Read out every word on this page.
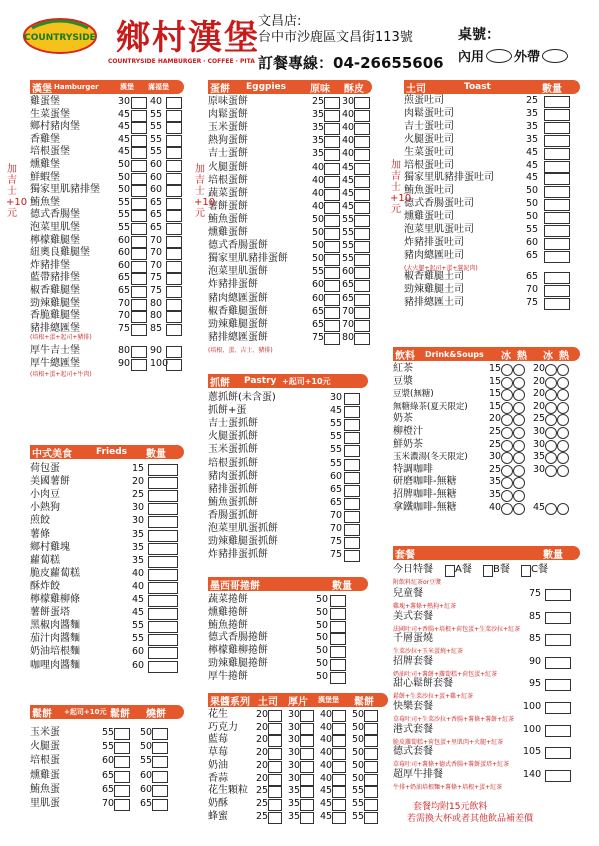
COUNTRYSIDE 鄉村漢堡
COUNTRYSIDE HAMBURGER · COFFEE · PITA
文昌店:
台中市沙鹿區文昌街113號
訂餐專線：04-26655606
桌號：
內用 外帶
漢堡 Hamburger	漢堡 滿福堡
雞蛋堡	30 40
生菜蛋堡	45 55
鄉村豬肉堡	45 55
香雞堡	45 55
培根蛋堡	45 55
燻雞堡	50 60
鮮蝦堡	50 60
獨家里肌豬排堡 50 60
鮪魚堡	55 65
德式香腸堡	55 65
泡菜里肌堡	55 65
檸檬雞腿堡	60 70
紐奧良雞腿堡	60 70
炸豬排堡	60 70
藍帶豬排堡	65 75
椒香雞腿堡	65 75
勁辣雞腿堡	70 80
香脆雞腿堡	70 80
豬排總匯堡	75 85
厚牛吉士堡	80 90
厚牛總匯堡	90 100
(培根+蛋+起司+豬排)
(培根+蛋+起司+牛肉)
加吉士+10元
蛋餅 Eggpies 原味 酥皮
原味蛋餅	25 30
肉鬆蛋餅	35 40
玉米蛋餅	35 40
熱狗蛋餅	35 40
吉士蛋餅	35 40
火腿蛋餅	40 45
培根蛋餅	40 45
蔬菜蛋餅	40 45
薯餅蛋餅	40 45
鮪魚蛋餅	50 55
燻雞蛋餅	50 55
德式香腸蛋餅	50 55
獨家里肌豬排蛋餅	50 55
泡菜里肌蛋餅	55 60
炸豬排蛋餅	60 65
豬肉總匯蛋餅	60 65
椒香雞腿蛋餅	65 70
勁辣雞腿蛋餅	65 70
豬排總匯蛋餅	75 80
(培根、蛋、吉士、豬排)
加吉士+10元
土司	Toast	數量
煎蛋吐司	25
肉鬆蛋吐司	35
吉士蛋吐司	35
火腿蛋吐司	35
生菜蛋吐司	45
培根蛋吐司	45
獨家里肌豬排蛋吐司	45
鮪魚蛋吐司	50
德式香腸蛋吐司	50
燻雞蛋吐司	50
泡菜里肌蛋吐司	55
炸豬排蛋吐司	60
豬肉總匯吐司	65
椒香雞腿土司	65
勁辣雞腿土司	70
豬排總匯土司	75
(大火腿+起司+蛋+薯泥肉)
加吉士+10元
飲料 Drink&Soups 冰 熱 冰 熱
紅茶	15	20
豆漿	15	20
豆漿(無糖)	15	20
無糖綠茶(夏天限定) 15	20
奶茶	20	25
柳橙汁	25	30
鮮奶茶	25	30
玉米濃湯(冬天限定) 30	35
特調咖啡	25	30
研磨咖啡-無糖	35
招牌咖啡-無糖	35
拿鐵咖啡-無糖	40	45
中式美食	Frieds 數量
荷包蛋	15
美國薯餅	20
小肉豆	25
小熱狗	30
煎餃	30
薯條	35
鄉村雞塊	35
蘿蔔糕	35
脆皮蘿蔔糕	40
酥炸餃	40
檸檬雞柳條	45
薯餅蛋塔	45
黑椒肉醬麵	55
茄汁肉醬麵	55
奶油培根麵	60
咖哩肉醬麵	60
抓餅 Pastry +起司+10元
蔥抓餅(未含蛋)	30
抓餅+蛋	45
吉士蛋抓餅	55
火腿蛋抓餅	55
玉米蛋抓餅	55
培根蛋抓餅	55
豬肉蛋抓餅	60
豬排蛋抓餅	65
鮪魚蛋抓餅	65
香腸蛋抓餅	70
泡菜里肌蛋抓餅	70
勁辣雞腿蛋抓餅	75
炸豬排蛋抓餅	75
墨西哥捲餅	數量
蔬菜捲餅	50
燻雞捲餅	50
鮪魚捲餅	50
德式香腸捲餅	50
檸檬雞柳捲餅	50
勁辣雞腿捲餅	50
厚牛捲餅	50
果醬系列 土司 厚片 漢堡堡 鬆餅
花生	20 30 40 50
巧克力 20 30 40 50
藍莓	20 30 40 50
草莓	20 30 40 50
奶油	20 30 40 50
香蒜	20 30 40 50
花生顆粒 25 35 45 55
奶酥	25 35 45 55
蜂蜜	25 35 45 55
鬆餅 +起司+10元 鬆餅 燒餅
玉米蛋	55	50
火腿蛋	55	50
培根蛋	60	55
燻雞蛋	65	60
鮪魚蛋	65	60
里肌蛋	70	65
套餐	數量
今日特餐 A餐 B餐 C餐
附飲料紅茶or豆漿
兒童餐	75
雞塊+薯條+熱狗+紅茶
美式套餐	85
法國吐司+香腸+培根+荷包蛋+生菜沙拉+紅茶
千層蛋燒	85
生菜沙拉+玉米蛋燒+紅茶
招牌套餐	90
奶油吐司+薯餅+蘿蔔糕+荷包蛋+紅茶
甜心鬆餅套餐	95
鬆餅+生菜沙拉+蛋+雞+紅茶
快樂套餐	100
草莓吐司+生菜沙拉+香腸+薯條+薯餅+紅茶
港式套餐	100
脆皮蘿蔔糕+荷包蛋+里肌肉+火腿+紅茶
德式套餐	105
草莓吐司+薯條+德式香腸+薯餅蛋塔+紅茶
超厚牛排餐	140
牛排+奶油培根麵+薯條+培根+蛋+紅茶
套餐均附15元飲料
若需換大杯或者其他飲品補差價
